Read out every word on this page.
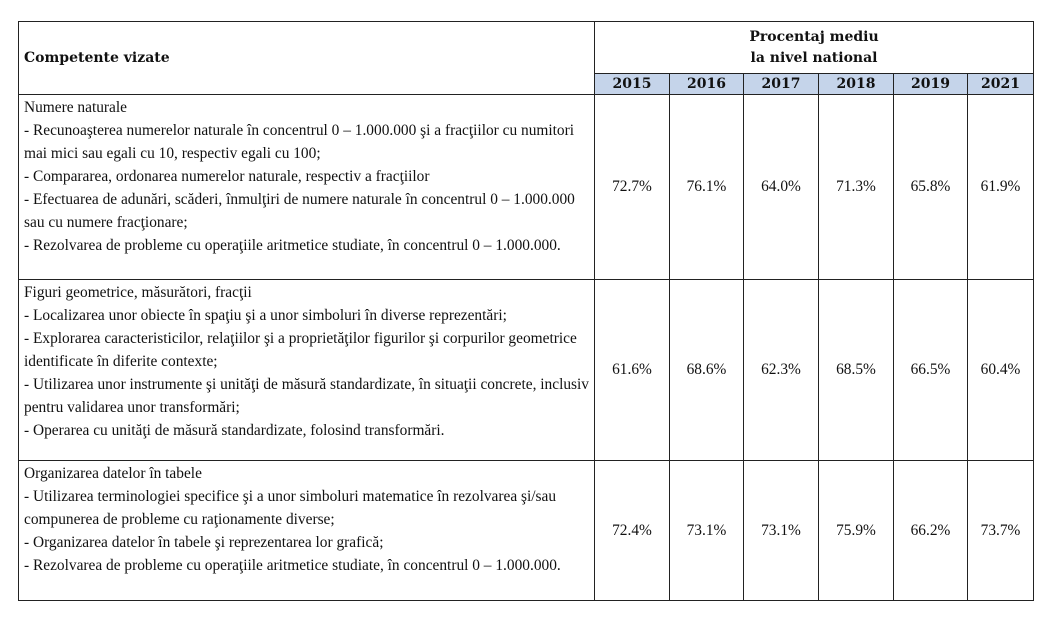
Competente vizate	Procentaj mediu
la nivel national					

	2015	2016	2017	2018	2019	2021

Numere naturale
- Recunoaşterea numerelor naturale în concentrul 0 – 1.000.000 şi a fracţiilor cu numitori mai mici sau egali cu 10, respectiv egali cu 100;
- Compararea, ordonarea numerelor naturale, respectiv a fracţiilor
- Efectuarea de adunări, scăderi, înmulţiri de numere naturale în concentrul 0 – 1.000.000 sau cu numere fracţionare;
- Rezolvarea de probleme cu operaţiile aritmetice studiate, în concentrul 0 – 1.000.000.	72.7%	76.1%	64.0%	71.3%	65.8%	61.9%

Figuri geometrice, măsurători, fracţii
- Localizarea unor obiecte în spaţiu şi a unor simboluri în diverse reprezentări;
- Explorarea caracteristicilor, relaţiilor şi a proprietăţilor figurilor şi corpurilor geometrice identificate în diferite contexte;
- Utilizarea unor instrumente şi unităţi de măsură standardizate, în situaţii concrete, inclusiv pentru validarea unor transformări;
- Operarea cu unităţi de măsură standardizate, folosind transformări.	61.6%	68.6%	62.3%	68.5%	66.5%	60.4%

Organizarea datelor în tabele
- Utilizarea terminologiei specifice şi a unor simboluri matematice în rezolvarea şi/sau compunerea de probleme cu raţionamente diverse;
- Organizarea datelor în tabele şi reprezentarea lor grafică;
- Rezolvarea de probleme cu operaţiile aritmetice studiate, în concentrul 0 – 1.000.000.	72.4%	73.1%	73.1%	75.9%	66.2%	73.7%
